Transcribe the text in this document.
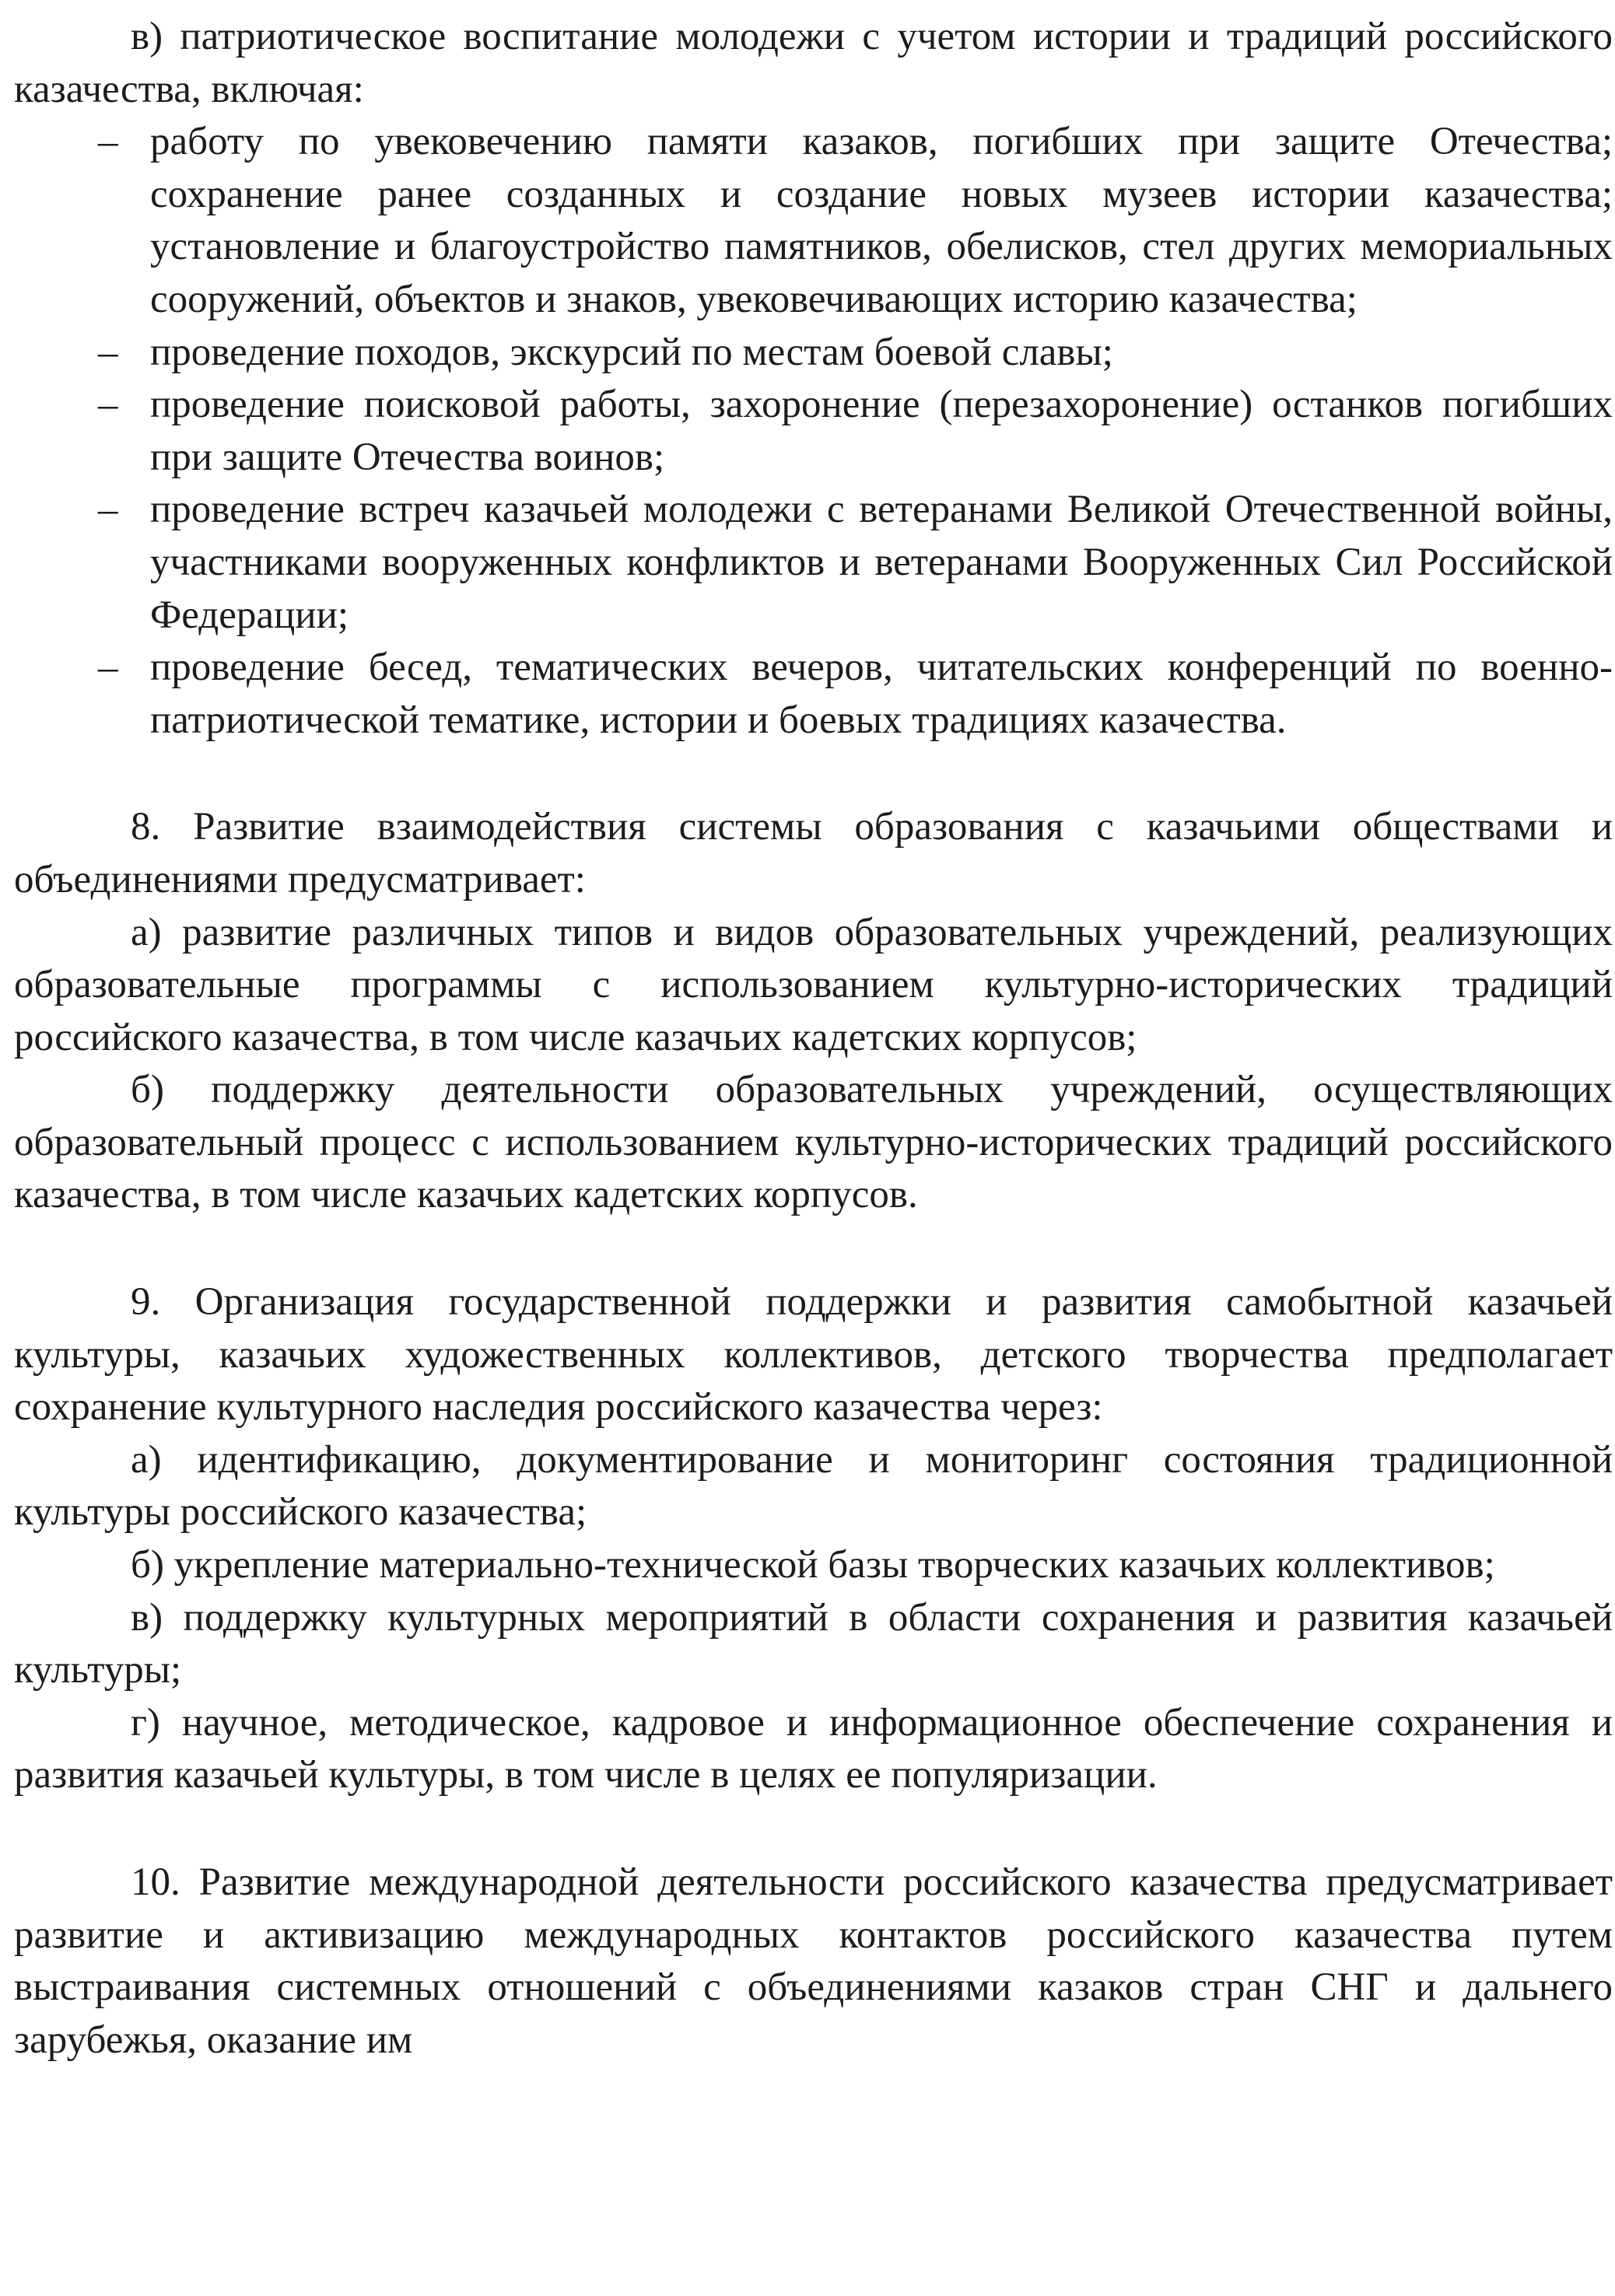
в) патриотическое воспитание молодежи с учетом истории и традиций российского казачества, включая:

– работу по увековечению памяти казаков, погибших при защите Отечества; сохранение ранее созданных и создание новых музеев истории казачества; установление и благоустройство памятников, обелисков, стел других мемориальных сооружений, объектов и знаков, увековечивающих историю казачества;
– проведение походов, экскурсий по местам боевой славы;
– проведение поисковой работы, захоронение (перезахоронение) останков погибших при защите Отечества воинов;
– проведение встреч казачьей молодежи с ветеранами Великой Отечественной войны, участниками вооруженных конфликтов и ветеранами Вооруженных Сил Российской Федерации;
– проведение бесед, тематических вечеров, читательских конференций по военно-патриотической тематике, истории и боевых традициях казачества.

8. Развитие взаимодействия системы образования с казачьими обществами и объединениями предусматривает:

а) развитие различных типов и видов образовательных учреждений, реализующих образовательные программы с использованием культурно-исторических традиций российского казачества, в том числе казачьих кадетских корпусов;

б) поддержку деятельности образовательных учреждений, осуществляющих образовательный процесс с использованием культурно-исторических традиций российского казачества, в том числе казачьих кадетских корпусов.

9. Организация государственной поддержки и развития самобытной казачьей культуры, казачьих художественных коллективов, детского творчества предполагает сохранение культурного наследия российского казачества через:

а) идентификацию, документирование и мониторинг состояния традиционной культуры российского казачества;

б) укрепление материально-технической базы творческих казачьих коллективов;

в) поддержку культурных мероприятий в области сохранения и развития казачьей культуры;

г) научное, методическое, кадровое и информационное обеспечение сохранения и развития казачьей культуры, в том числе в целях ее популяризации.

10. Развитие международной деятельности российского казачества предусматривает развитие и активизацию международных контактов российского казачества путем выстраивания системных отношений с объединениями казаков стран СНГ и дальнего зарубежья, оказание им
